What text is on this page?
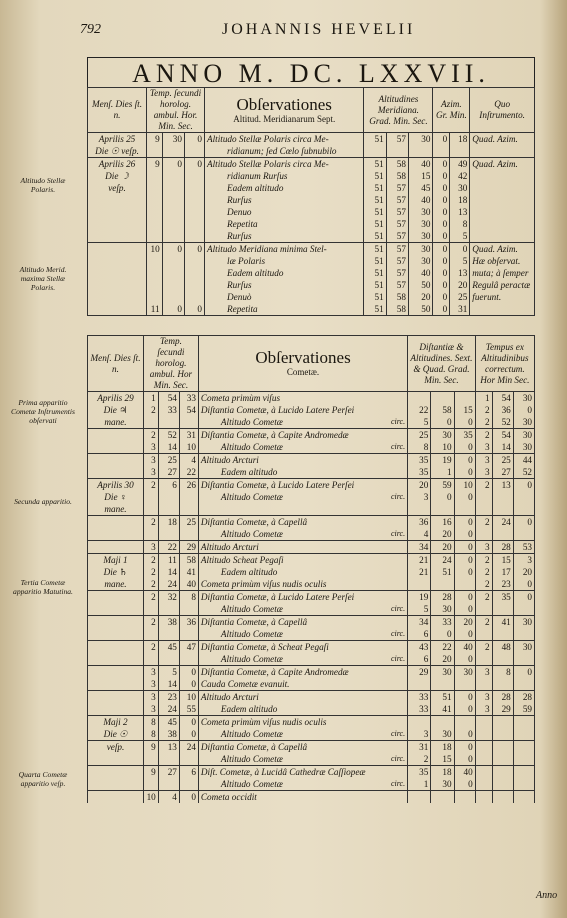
792	JOHANNIS HEVELII
ANNO M. DC. LXXVII.
Menſ. Dies ſt. n.	Temp. ſecundi horolog. ambul. Hor. Min. Sec.			Obſervationes
Altitud. Meridianarum Sept.	Altitudines Meridiana. Grad. Min. Sec.			Azim. Gr. Min.		Quo Inſtrumento.
Aprilis 25	9	30	0	Altitudo Stellæ Polaris circa Me-	51	57	30	0	18	Quad. Azim.
Die ☉ veſp.				ridianum; ſed Cœlo ſubnubilo						
Aprilis 26	9	0	0	Altitudo Stellæ Polaris circa Me-	51	58	40	0	49	Quad. Azim.
Die ☽				ridianum Rurſus	51	58	15	0	42	
veſp.				Eadem altitudo	51	57	45	0	30	
				Rurſus	51	57	40	0	18	
				Denuo	51	57	30	0	13	
				Repetita	51	57	30	0	8	
				Rurſus	51	57	30	0	5	
	10	0	0	Altitudo Meridiana minima Stel-	51	57	30	0	0	Quad. Azim.
				læ Polaris	51	57	30	0	5	Hæ obſervat.
				Eadem altitudo	51	57	40	0	13	muta; à ſemper
				Rurſus	51	57	50	0	20	Regulâ peractæ
				Denuò	51	58	20	0	25	fuerunt.
	11	0	0	Repetita	51	58	50	0	31	

Menſ. Dies ſt. n.	Temp. ſecundi horolog. ambul. Hor Min. Sec.			Obſervationes
Cometæ.		Diſtantiæ & Altitudines. Sext. & Quad. Grad. Min. Sec.			Tempus ex Altitudinibus correctum. Hor Min Sec.		
Aprilis 29	1	54	33	Cometa primùm viſus					1	54	30
Die ♃	2	33	54	Diſtantia Cometæ, à Lucido Latere Perſei		22	58	15	2	36	0
mane.				Altitudo Cometæ	circ.	5	0	0	2	52	30
	2	52	31	Diſtantia Cometæ, à Capite Andromedæ		25	30	35	2	54	30
	3	14	10	Altitudo Cometæ	circ.	8	10	0	3	14	30
	3	25	4	Altitudo Arcturi		35	19	0	3	25	44
	3	27	22	Eadem altitudo		35	1	0	3	27	52
Aprilis 30	2	6	26	Diſtantia Cometæ, à Lucido Latere Perſei		20	59	10	2	13	0
Die ♀				Altitudo Cometæ	circ.	3	0	0			
mane.											
	2	18	25	Diſtantia Cometæ, à Capellâ		36	16	0	2	24	0
				Altitudo Cometæ	circ.	4	20	0			
	3	22	29	Altitudo Arcturi		34	20	0	3	28	53
Maji 1	2	11	58	Altitudo Scheat Pegaſi		21	24	0	2	15	3
Die ♄	2	14	41	Eadem altitudo		21	51	0	2	17	20
mane.	2	24	40	Cometa primùm viſus nudis oculis					2	23	0
	2	32	8	Diſtantia Cometæ, à Lucido Latere Perſei		19	28	0	2	35	0
				Altitudo Cometæ	circ.	5	30	0			
	2	38	36	Diſtantia Cometæ, à Capellâ		34	33	20	2	41	30
				Altitudo Cometæ	circ.	6	0	0			
	2	45	47	Diſtantia Cometæ, à Scheat Pegaſi		43	22	40	2	48	30
				Altitudo Cometæ	circ.	6	20	0			
	3	5	0	Diſtantia Cometæ, à Capite Andromedæ		29	30	30	3	8	0
	3	14	0	Cauda Cometæ evanuit.							
	3	23	10	Altitudo Arcturi		33	51	0	3	28	28
	3	24	55	Eadem altitudo		33	41	0	3	29	59
Maji 2	8	45	0	Cometa primùm viſus nudis oculis							
Die ☉	8	38	0	Altitudo Cometæ	circ.	3	30	0			
veſp.	9	13	24	Diſtantia Cometæ, à Capellâ		31	18	0			
				Altitudo Cometæ	circ.	2	15	0			
	9	27	6	Diſt. Cometæ, à Lucidâ Cathedræ Caſſiopeæ		35	18	40			
				Altitudo Cometæ	circ.	1	30	0			
	10	4	0	Cometa occidit							
Altitudo Stellæ Polaris.
Altitudo Merid. maxima Stellæ Polaris.
Prima apparitio Cometæ Inſtrumentis obſervati
Secunda apparitio.
Tertia Cometæ apparitio Matutina.
Quarta Cometæ apparitio veſp.
Anno
